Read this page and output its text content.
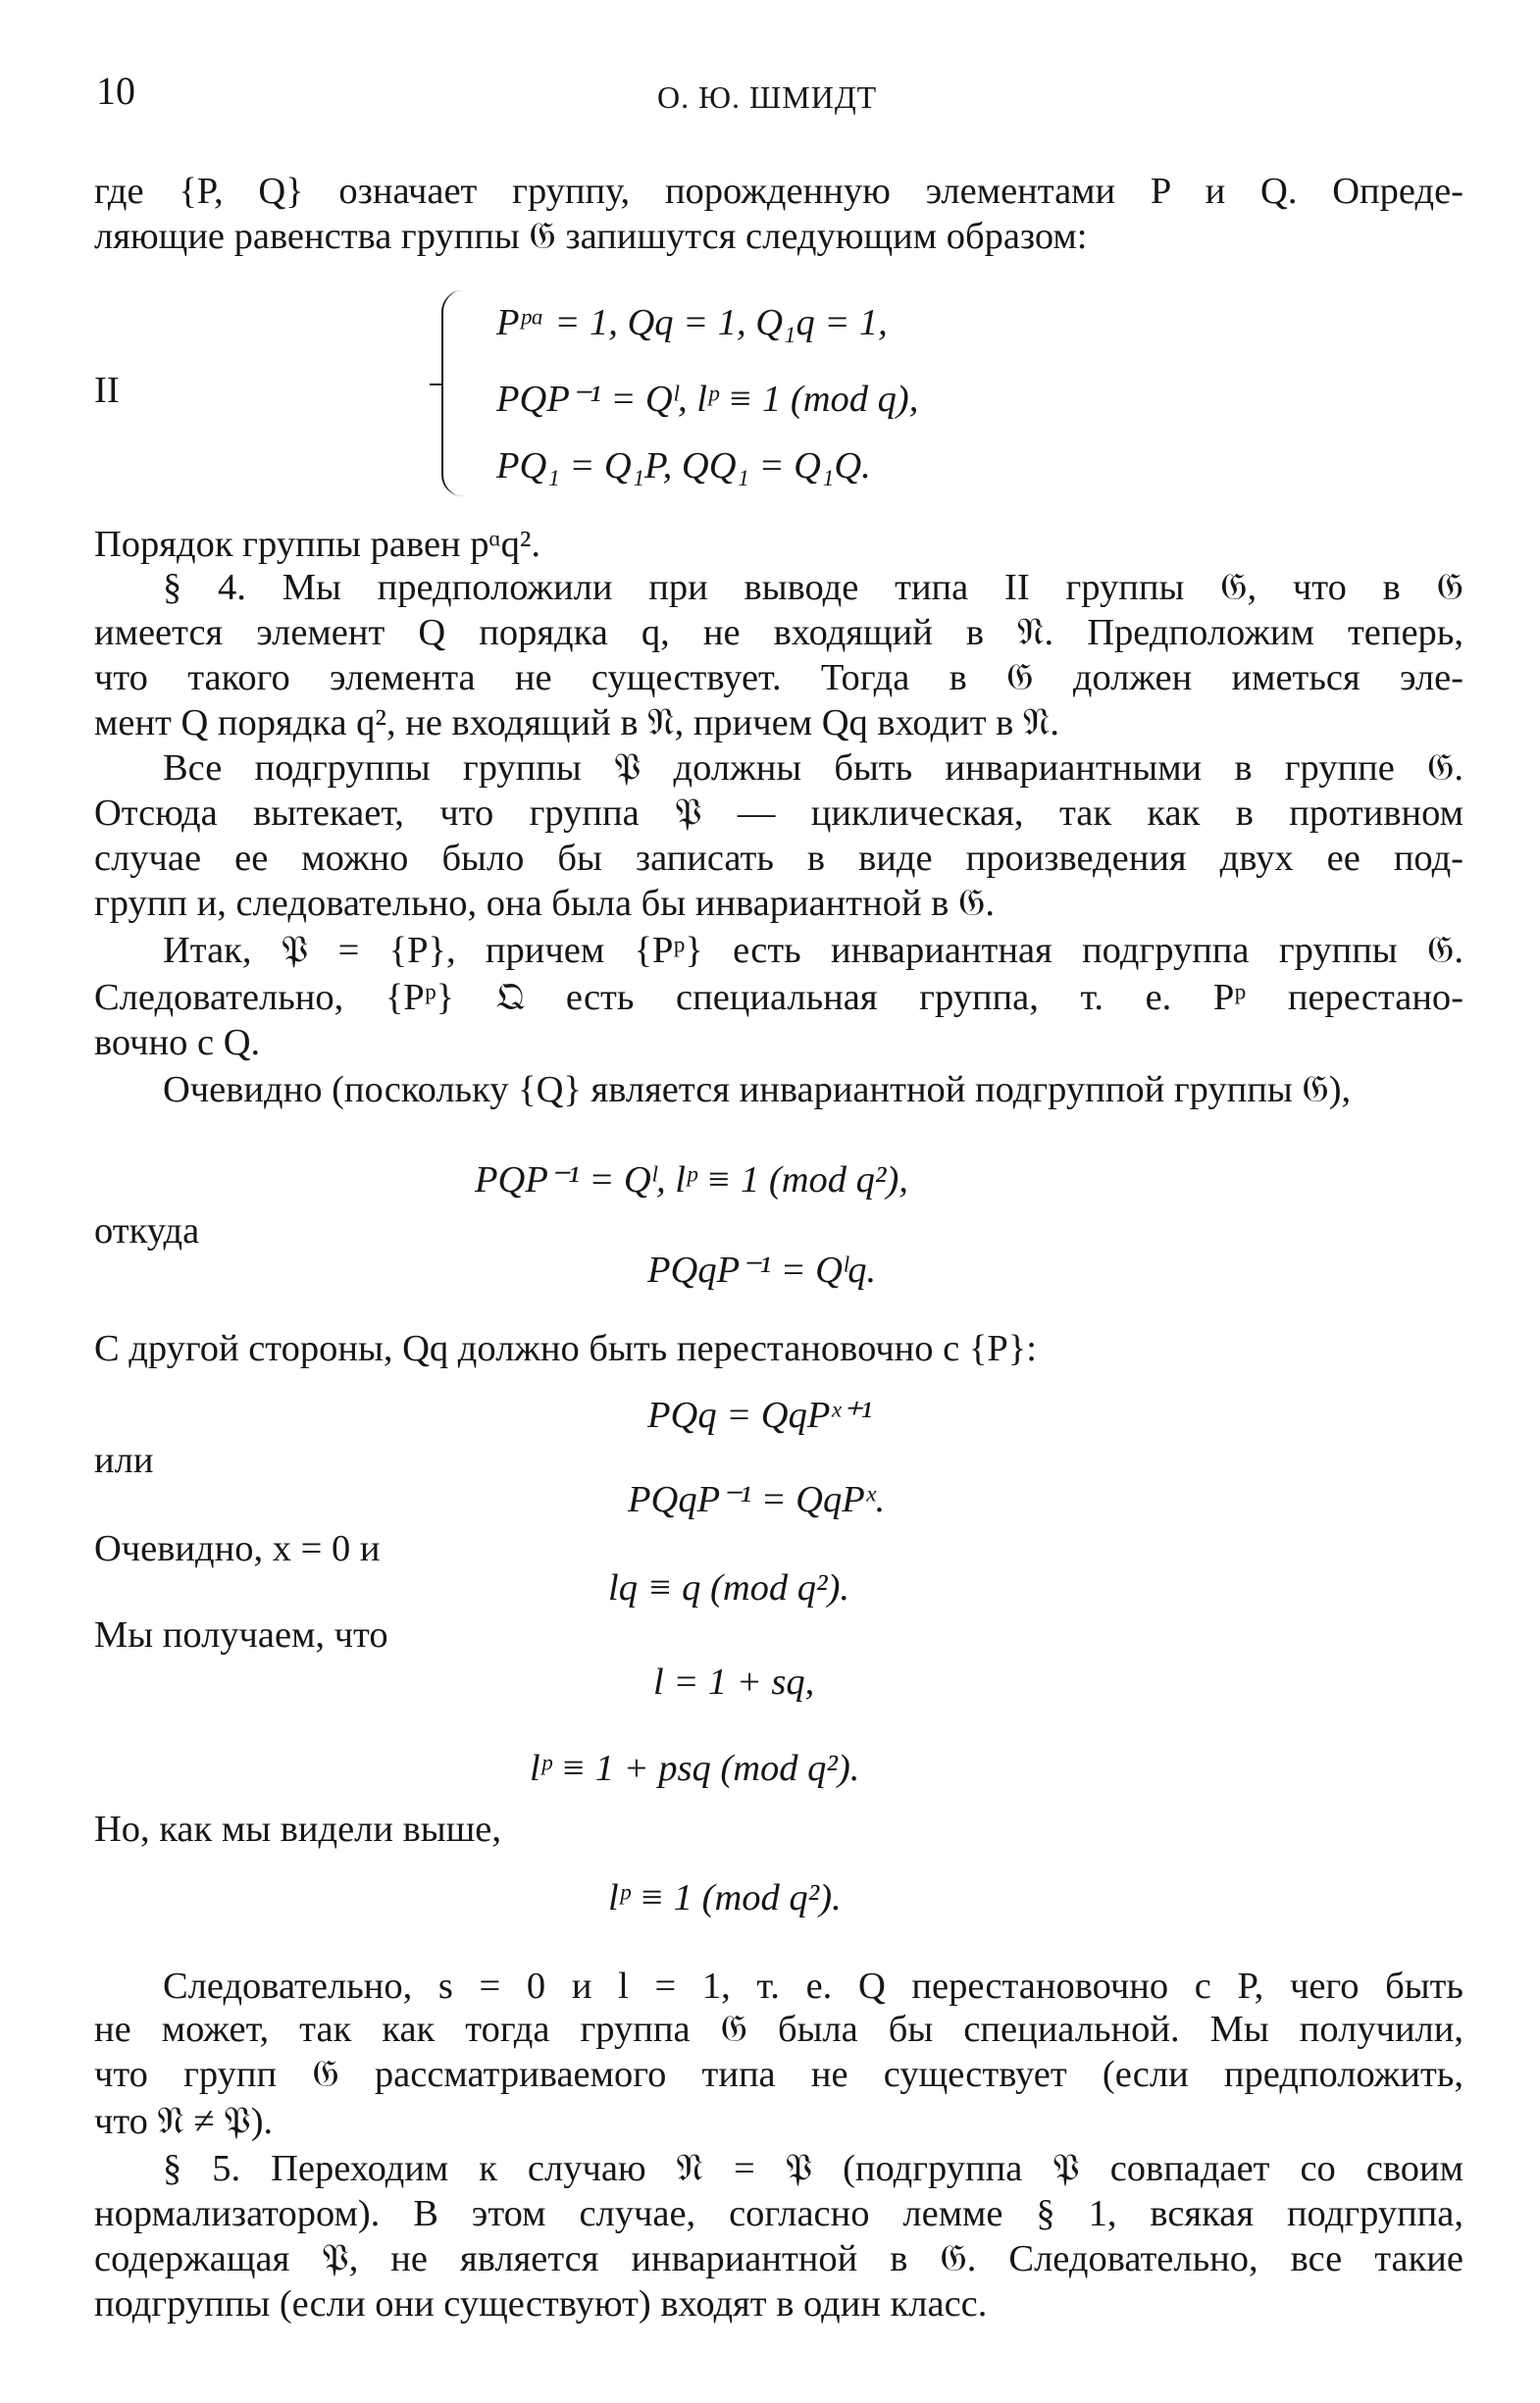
10	О. Ю. ШМИДТ
где {P, Q} означает группу, порожденную элементами P и Q. Опреде-
ляющие равенства группы 𝔊 запишутся следующим образом:
II
Pᵖᵅ = 1, Qq = 1, Q₁q = 1,
PQP⁻¹ = Qˡ, lᵖ ≡ 1 (mod q),
PQ₁ = Q₁P, QQ₁ = Q₁Q.
Порядок группы равен pᵅq².
§ 4. Мы предположили при выводе типа II группы 𝔊, что в 𝔊
имеется элемент Q порядка q, не входящий в 𝔑. Предположим теперь,
что такого элемента не существует. Тогда в 𝔊 должен иметься эле-
мент Q порядка q², не входящий в 𝔑, причем Qq входит в 𝔑.
Все подгруппы группы 𝔓 должны быть инвариантными в группе 𝔊.
Отсюда вытекает, что группа 𝔓 — циклическая, так как в противном
случае ее можно было бы записать в виде произведения двух ее под-
групп и, следовательно, она была бы инвариантной в 𝔊.
Итак, 𝔓 = {P}, причем {Pᵖ} есть инвариантная подгруппа группы 𝔊.
Следовательно, {Pᵖ} 𝔔 есть специальная группа, т. е. Pᵖ перестано-
вочно с Q.
Очевидно (поскольку {Q} является инвариантной подгруппой группы 𝔊),
PQP⁻¹ = Qˡ, lᵖ ≡ 1 (mod q²),
откуда
PQqP⁻¹ = Qˡq.
С другой стороны, Qq должно быть перестановочно с {P}:
PQq = QqPˣ⁺¹
или
PQqP⁻¹ = QqPˣ.
Очевидно, x = 0 и
lq ≡ q (mod q²).
Мы получаем, что
l = 1 + sq,
lᵖ ≡ 1 + psq (mod q²).
Но, как мы видели выше,
lᵖ ≡ 1 (mod q²).
Следовательно, s = 0 и l = 1, т. е. Q перестановочно с P, чего быть
не может, так как тогда группа 𝔊 была бы специальной. Мы получили,
что групп 𝔊 рассматриваемого типа не существует (если предположить,
что 𝔑 ≠ 𝔓).
§ 5. Переходим к случаю 𝔑 = 𝔓 (подгруппа 𝔓 совпадает со своим
нормализатором). В этом случае, согласно лемме § 1, всякая подгруппа,
содержащая 𝔓, не является инвариантной в 𝔊. Следовательно, все такие
подгруппы (если они существуют) входят в один класс.
